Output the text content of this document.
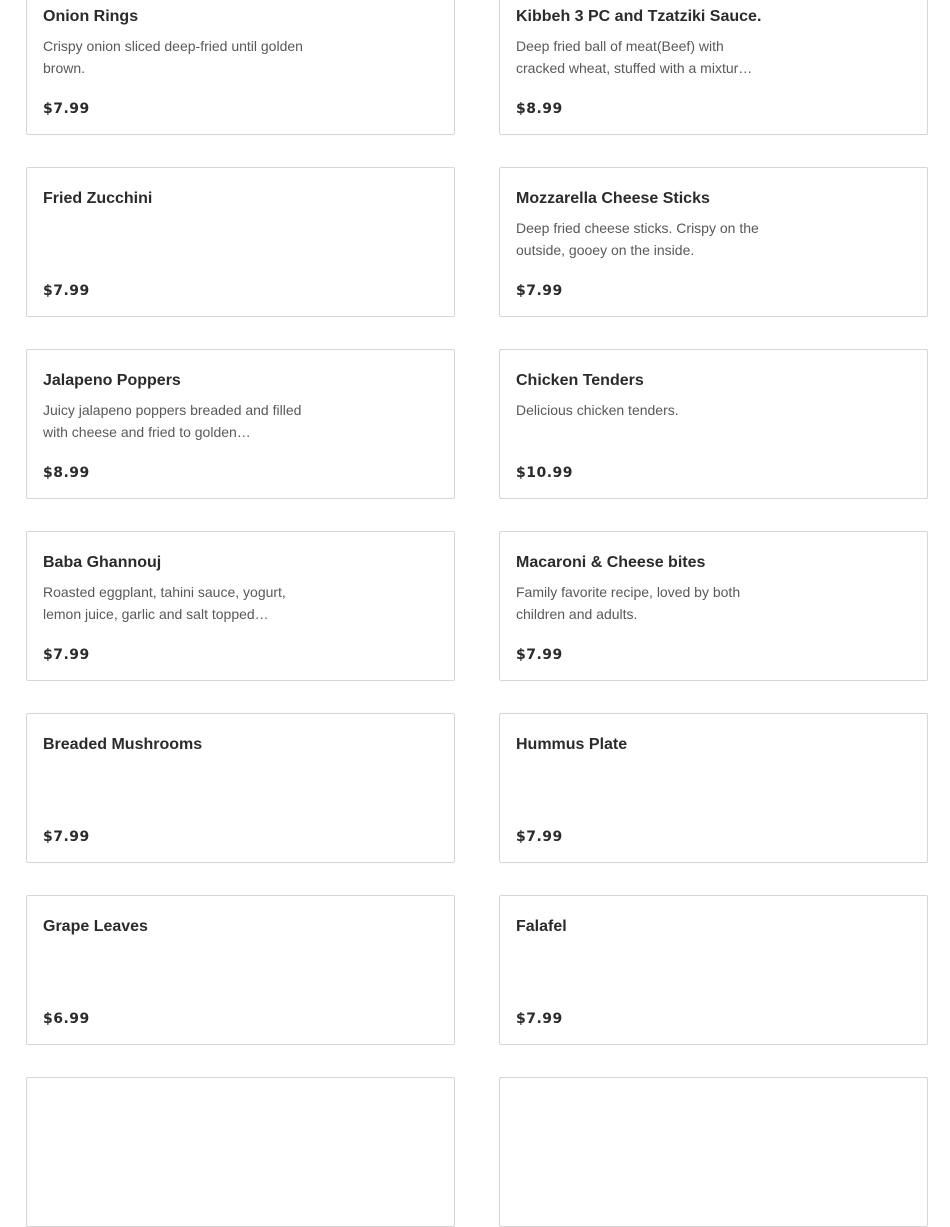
Onion Rings
Crispy onion sliced deep-fried until golden brown.
$7.99
Kibbeh 3 PC and Tzatziki Sauce.
Deep fried ball of meat(Beef) with cracked wheat, stuffed with a mixtur…
$8.99
Fried Zucchini
$7.99
Mozzarella Cheese Sticks
Deep fried cheese sticks. Crispy on the outside, gooey on the inside.
$7.99
Jalapeno Poppers
Juicy jalapeno poppers breaded and filled with cheese and fried to golden…
$8.99
Chicken Tenders
Delicious chicken tenders.
$10.99
Baba Ghannouj
Roasted eggplant, tahini sauce, yogurt, lemon juice, garlic and salt topped…
$7.99
Macaroni & Cheese bites
Family favorite recipe, loved by both children and adults.
$7.99
Breaded Mushrooms
$7.99
Hummus Plate
$7.99
Grape Leaves
$6.99
Falafel
$7.99
